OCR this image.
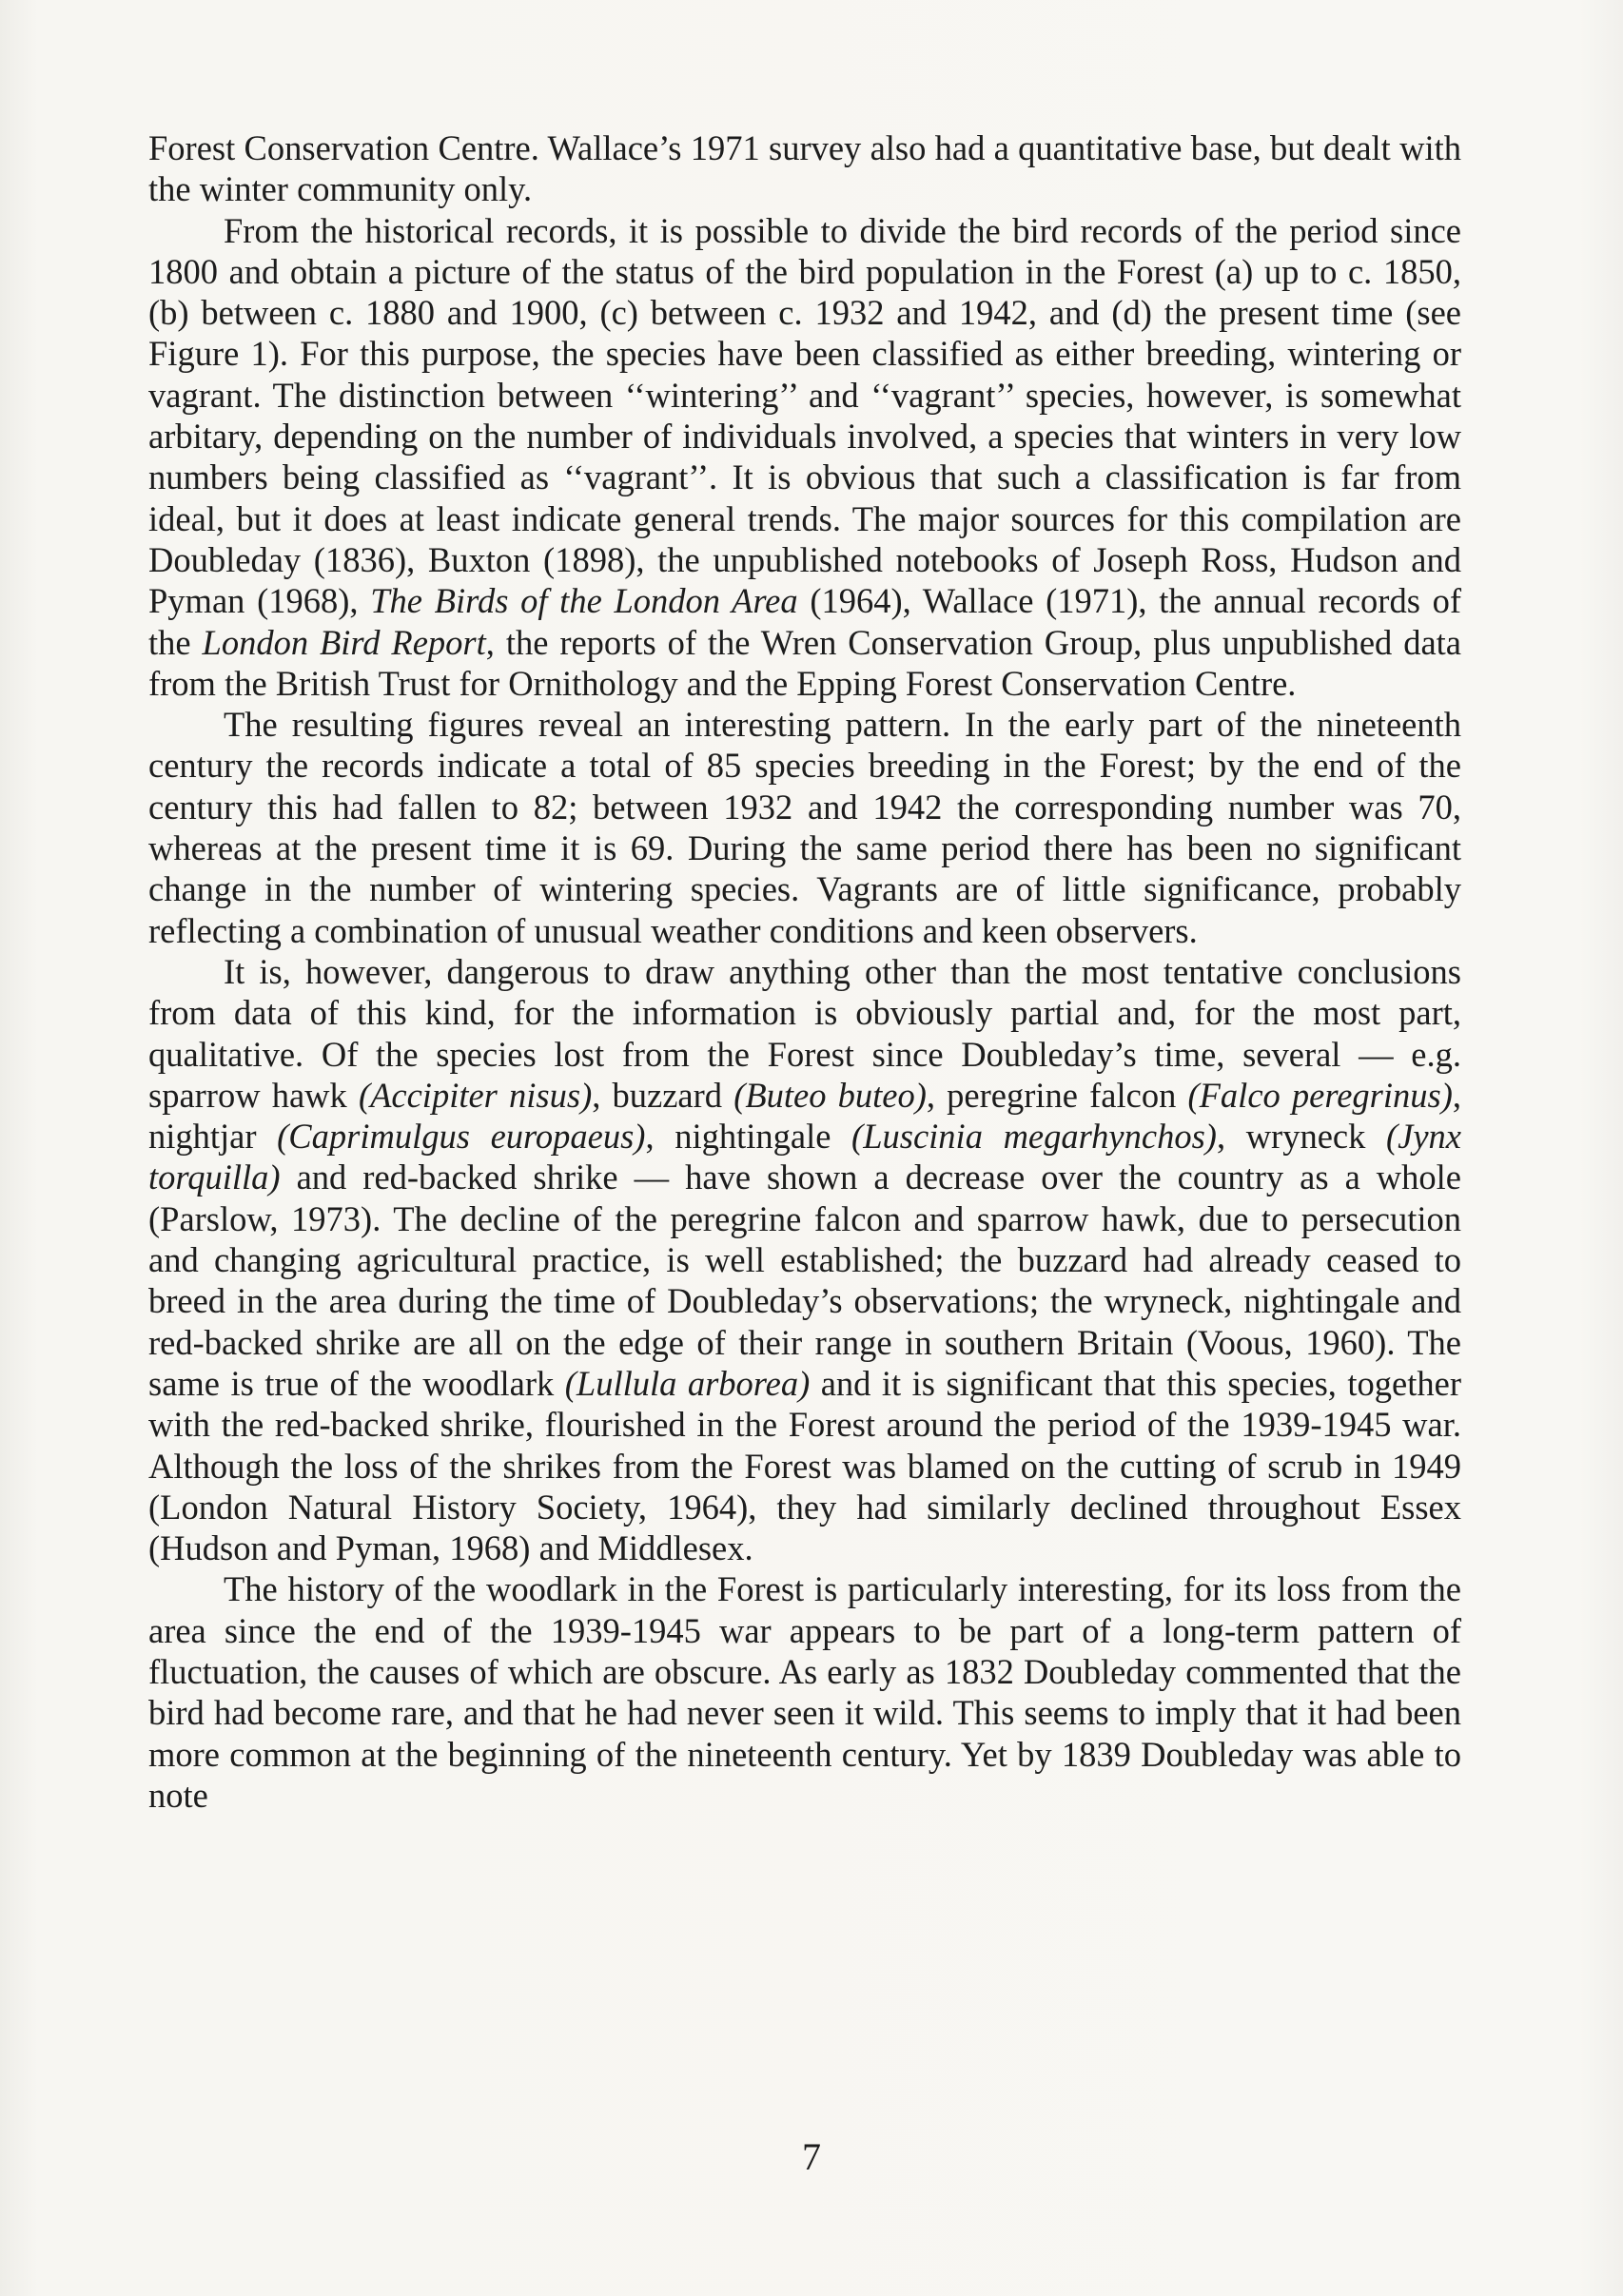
Forest Conservation Centre. Wallace’s 1971 survey also had a quantitative base, but dealt with the winter community only.

From the historical records, it is possible to divide the bird records of the period since 1800 and obtain a picture of the status of the bird population in the Forest (a) up to c. 1850, (b) between c. 1880 and 1900, (c) between c. 1932 and 1942, and (d) the present time (see Figure 1). For this purpose, the species have been classified as either breeding, wintering or vagrant. The distinction between ‘‘wintering’’ and ‘‘vagrant’’ species, however, is somewhat arbitary, depending on the number of individuals involved, a species that winters in very low numbers being classified as ‘‘vagrant’’. It is obvious that such a classification is far from ideal, but it does at least indicate general trends. The major sources for this compilation are Doubleday (1836), Buxton (1898), the unpublished notebooks of Joseph Ross, Hudson and Pyman (1968), The Birds of the London Area (1964), Wallace (1971), the annual records of the London Bird Report, the reports of the Wren Conservation Group, plus unpublished data from the British Trust for Ornithology and the Epping Forest Conservation Centre.

The resulting figures reveal an interesting pattern. In the early part of the nineteenth century the records indicate a total of 85 species breeding in the Forest; by the end of the century this had fallen to 82; between 1932 and 1942 the corresponding number was 70, whereas at the present time it is 69. During the same period there has been no significant change in the number of wintering species. Vagrants are of little significance, probably reflecting a combination of unusual weather conditions and keen observers.

It is, however, dangerous to draw anything other than the most tentative conclusions from data of this kind, for the information is obviously partial and, for the most part, qualitative. Of the species lost from the Forest since Doubleday’s time, several — e.g. sparrow hawk (Accipiter nisus), buzzard (Buteo buteo), peregrine falcon (Falco peregrinus), nightjar (Caprimulgus europaeus), nightingale (Luscinia megarhynchos), wryneck (Jynx torquilla) and red-backed shrike — have shown a decrease over the country as a whole (Parslow, 1973). The decline of the peregrine falcon and sparrow hawk, due to persecution and changing agricultural practice, is well established; the buzzard had already ceased to breed in the area during the time of Doubleday’s observations; the wryneck, nightingale and red-backed shrike are all on the edge of their range in southern Britain (Voous, 1960). The same is true of the woodlark (Lullula arborea) and it is significant that this species, together with the red-backed shrike, flourished in the Forest around the period of the 1939-1945 war. Although the loss of the shrikes from the Forest was blamed on the cutting of scrub in 1949 (London Natural History Society, 1964), they had similarly declined throughout Essex (Hudson and Pyman, 1968) and Middlesex.

The history of the woodlark in the Forest is particularly interesting, for its loss from the area since the end of the 1939-1945 war appears to be part of a long-term pattern of fluctuation, the causes of which are obscure. As early as 1832 Doubleday commented that the bird had become rare, and that he had never seen it wild. This seems to imply that it had been more common at the beginning of the nineteenth century. Yet by 1839 Doubleday was able to note

7
